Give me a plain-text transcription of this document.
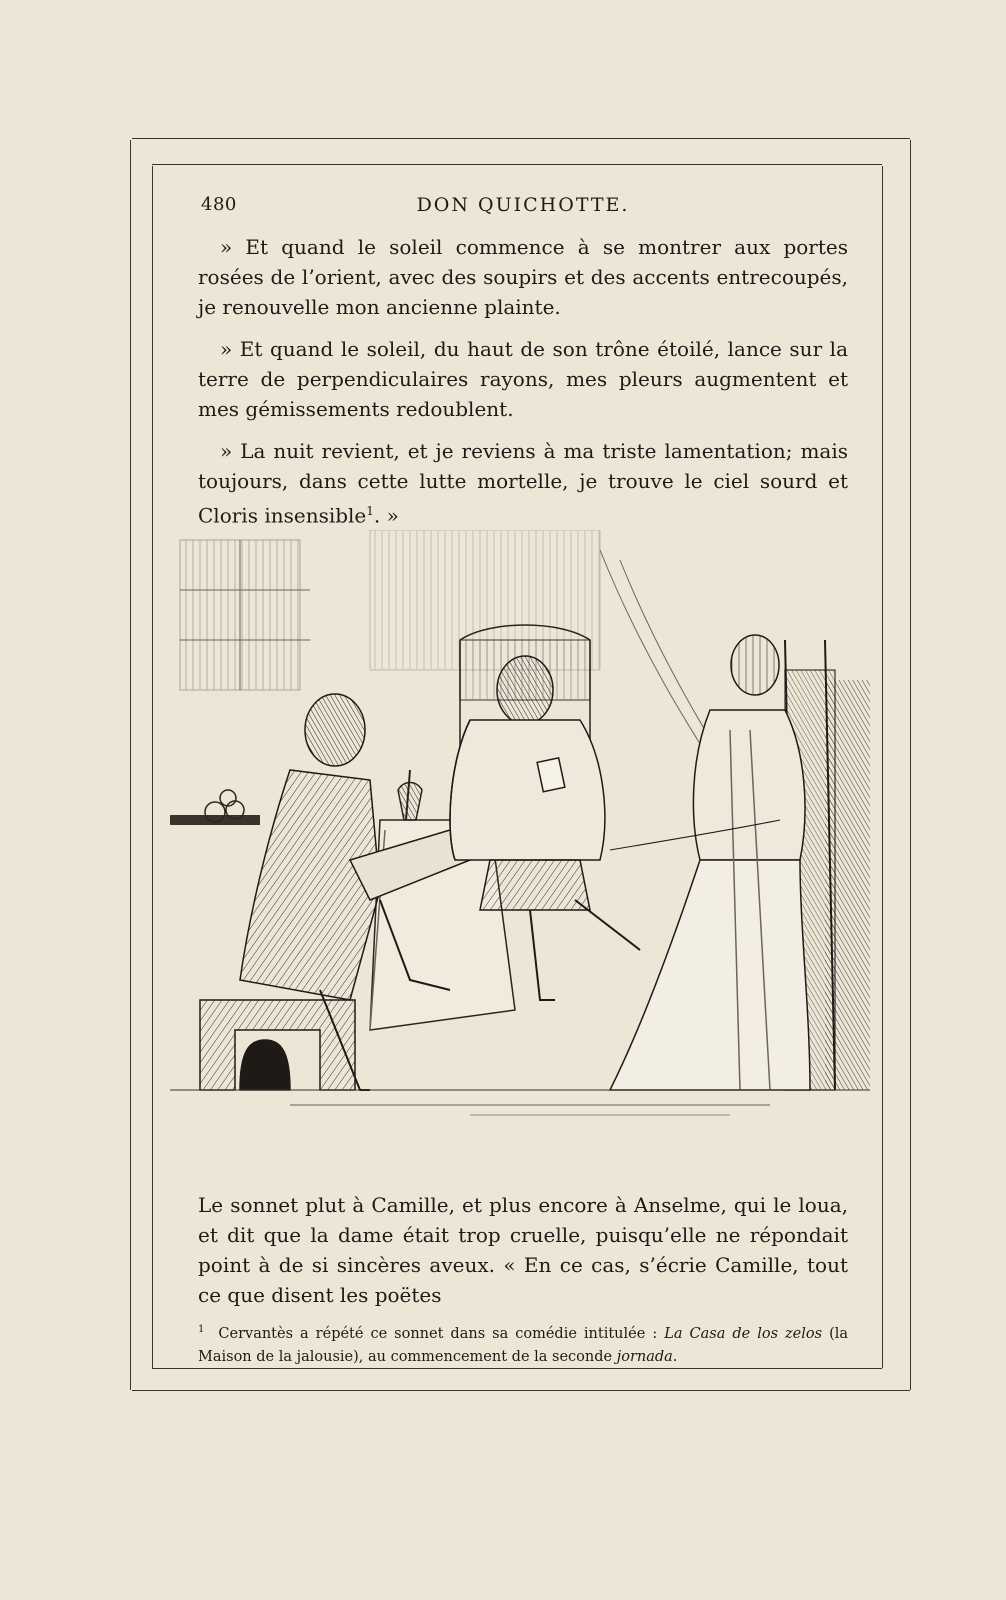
480	DON QUICHOTTE.

» Et quand le soleil commence à se montrer aux portes rosées de l’orient, avec des soupirs et des accents entrecoupés, je renouvelle mon ancienne plainte.

» Et quand le soleil, du haut de son trône étoilé, lance sur la terre de perpendiculaires rayons, mes pleurs augmentent et mes gémissements redoublent.

» La nuit revient, et je reviens à ma triste lamentation; mais toujours, dans cette lutte mortelle, je trouve le ciel sourd et Cloris insensible$^1$. »

Le sonnet plut à Camille, et plus encore à Anselme, qui le loua, et dit que la dame était trop cruelle, puisqu’elle ne répondait point à de si sincères aveux. « En ce cas, s’écrie Camille, tout ce que disent les poëtes

$^1$ Cervantès a répété ce sonnet dans sa comédie intitulée : La Casa de los zelos (la Maison de la jalousie), au commencement de la seconde jornada.
